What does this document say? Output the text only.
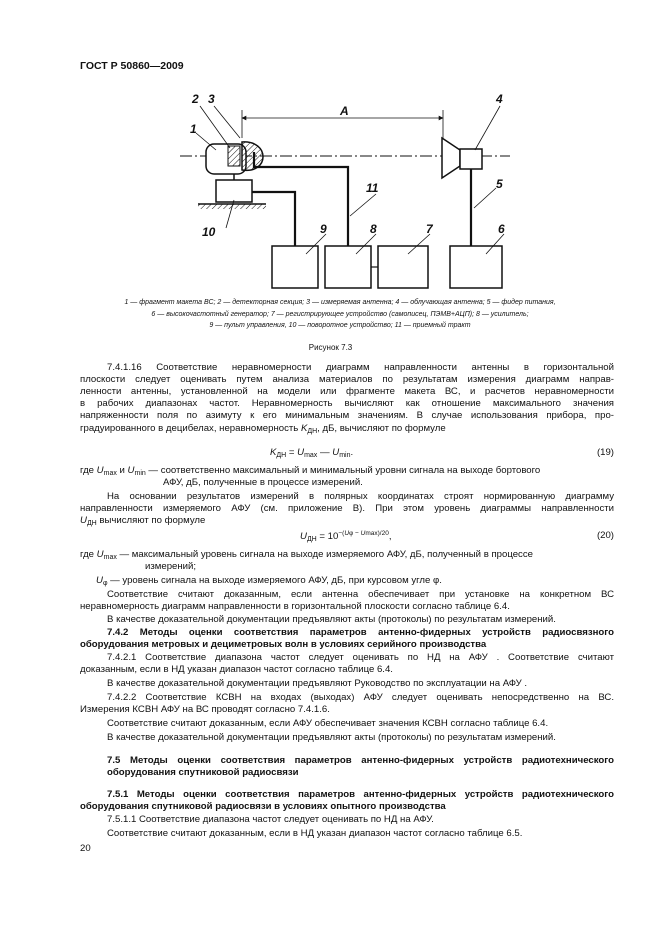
ГОСТ Р 50860—2009
А
1
2 3	4
5
6
7
8
9
10
11
1 — фрагмент макета ВС; 2 — детекторная секция; 3 — измеряемая антенна; 4 — облучающая антенна; 5 — фидер питания,
6 — высокочастотный генератор; 7 — регистрирующее устройство (самописец, ПЭМВ+АЦП); 8 — усилитель;
9 — пульт управления, 10 — поворотное устройство; 11 — приемный тракт
Рисунок 7.3
7.4.1.16 Соответствие неравномерности диаграмм направленности антенны в горизонтальной
плоскости следует оценивать путем анализа материалов по результатам измерения диаграмм направ-
ленности антенны, установленной на модели или фрагменте макета ВС, и расчетов неравномерности
в рабочих диапазонах частот. Неравномерность вычисляют как отношение максимального значения
напряженности поля по азимуту к его минимальным значениям. В случае использования прибора, про-
градуированного в децибелах, неравномерность $K_{ДН}$, дБ, вычисляют по формуле
$K_{ДН} = U_{max}$ — $U_{min}$.	(19)
где $U_{max}$ и $U_{min}$ — соответственно максимальный и минимальный уровни сигнала на выходе бортового
АФУ, дБ, полученные в процессе измерений.
На основании результатов измерений в полярных координатах строят нормированную диаграмму
направленности измеряемого АФУ (см. приложение В). При этом уровень диаграммы направленности
$U_{ДН}$ вычисляют по формуле
$U_{ДН} = 10^{-(U\varphi - Umax)/20}$,	(20)
где $U_{max}$ — максимальный уровень сигнала на выходе измеряемого АФУ, дБ, полученный в процессе
измерений;
$U_\varphi$ — уровень сигнала на выходе измеряемого АФУ, дБ, при курсовом угле φ.
Соответствие считают доказанным, если антенна обеспечивает при установке на конкретном ВС
неравномерность диаграмм направленности в горизонтальной плоскости согласно таблице 6.4.
В качестве доказательной документации предъявляют акты (протоколы) по результатам измерений.
7.4.2 Методы оценки соответствия параметров антенно-фидерных устройств радиосвязного
оборудования метровых и дециметровых волн в условиях серийного производства
7.4.2.1 Соответствие диапазона частот следует оценивать по НД на АФУ . Соответствие считают
доказанным, если в НД указан диапазон частот согласно таблице 6.4.
В качестве доказательной документации предъявляют Руководство по эксплуатации на АФУ .
7.4.2.2 Соответствие КСВН на входах (выходах) АФУ следует оценивать непосредственно на ВС.
Измерения КСВН АФУ на ВС проводят согласно 7.4.1.6.
Соответствие считают доказанным, если АФУ обеспечивает значения КСВН согласно таблице 6.4.
В качестве доказательной документации предъявляют акты (протоколы) по результатам измерений.
7.5 Методы оценки соответствия параметров антенно-фидерных устройств радиотехнического
оборудования спутниковой радиосвязи
7.5.1 Методы оценки соответствия параметров антенно-фидерных устройств радиотехнического
оборудования спутниковой радиосвязи в условиях опытного производства
7.5.1.1 Соответствие диапазона частот следует оценивать по НД на АФУ.
Соответствие считают доказанным, если в НД указан диапазон частот согласно таблице 6.5.
20
